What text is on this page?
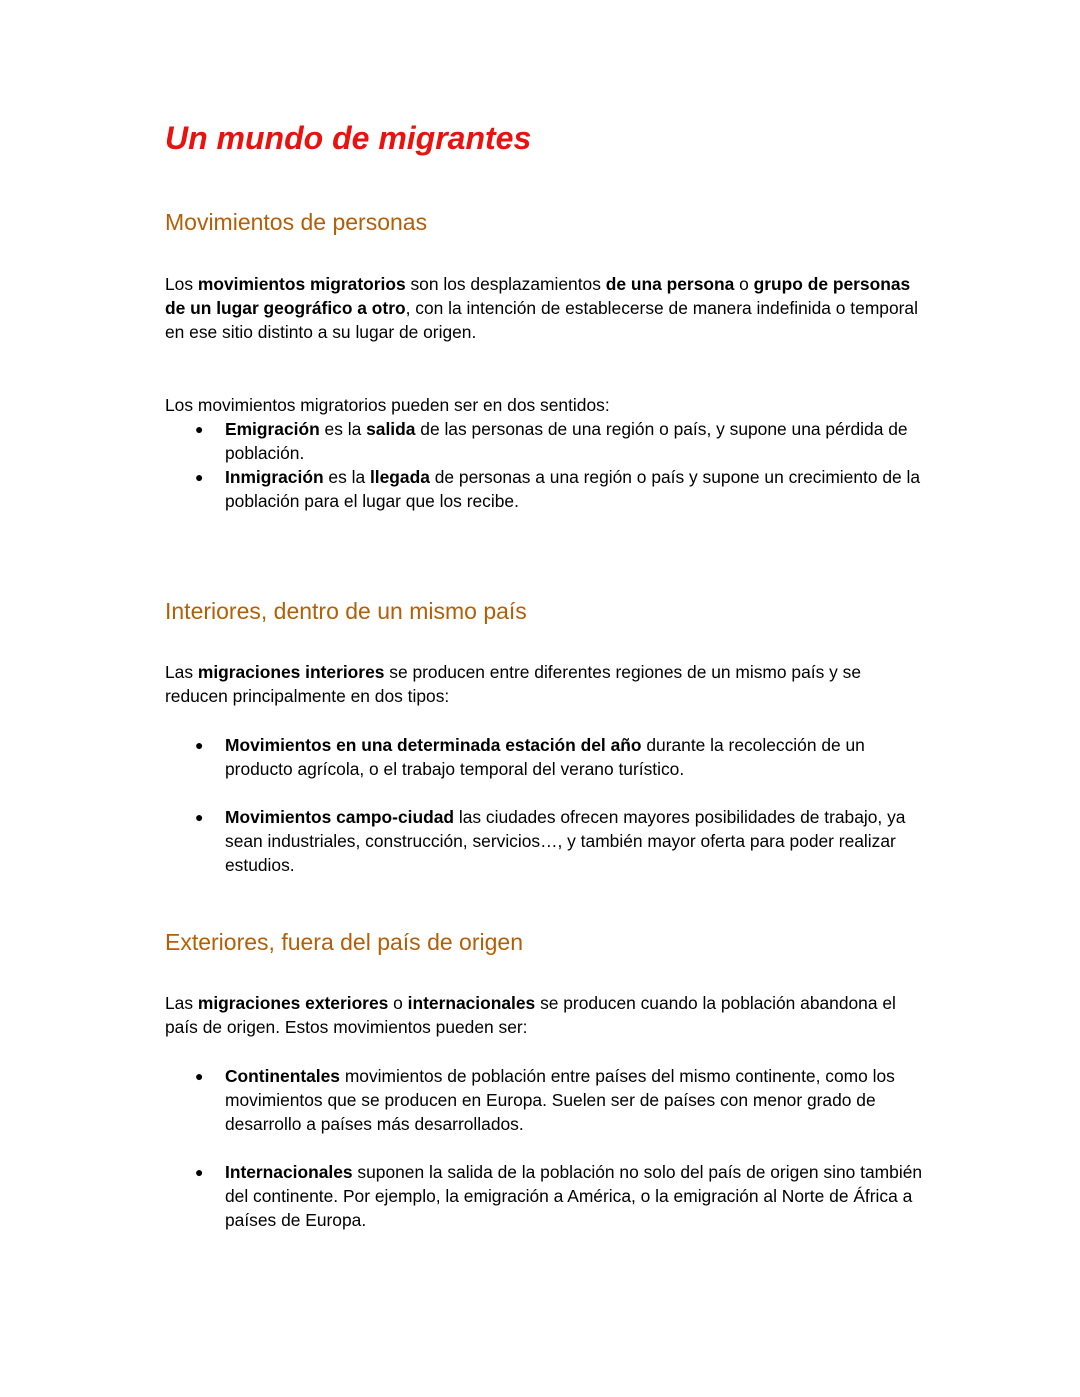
Un mundo de migrantes
Movimientos de personas

Los movimientos migratorios son los desplazamientos de una persona o grupo de personas de un lugar geográfico a otro, con la intención de establecerse de manera indefinida o temporal en ese sitio distinto a su lugar de origen.

Los movimientos migratorios pueden ser en dos sentidos:

● Emigración es la salida de las personas de una región o país, y supone una pérdida de población.
● Inmigración es la llegada de personas a una región o país y supone un crecimiento de la población para el lugar que los recibe.
Interiores, dentro de un mismo país

Las migraciones interiores se producen entre diferentes regiones de un mismo país y se reducen principalmente en dos tipos:

● Movimientos en una determinada estación del año durante la recolección de un producto agrícola, o el trabajo temporal del verano turístico.
● Movimientos campo-ciudad las ciudades ofrecen mayores posibilidades de trabajo, ya sean industriales, construcción, servicios…, y también mayor oferta para poder realizar estudios.
Exteriores, fuera del país de origen

Las migraciones exteriores o internacionales se producen cuando la población abandona el país de origen. Estos movimientos pueden ser:

● Continentales movimientos de población entre países del mismo continente, como los movimientos que se producen en Europa. Suelen ser de países con menor grado de desarrollo a países más desarrollados.
● Internacionales suponen la salida de la población no solo del país de origen sino también del continente. Por ejemplo, la emigración a América, o la emigración al Norte de África a países de Europa.
